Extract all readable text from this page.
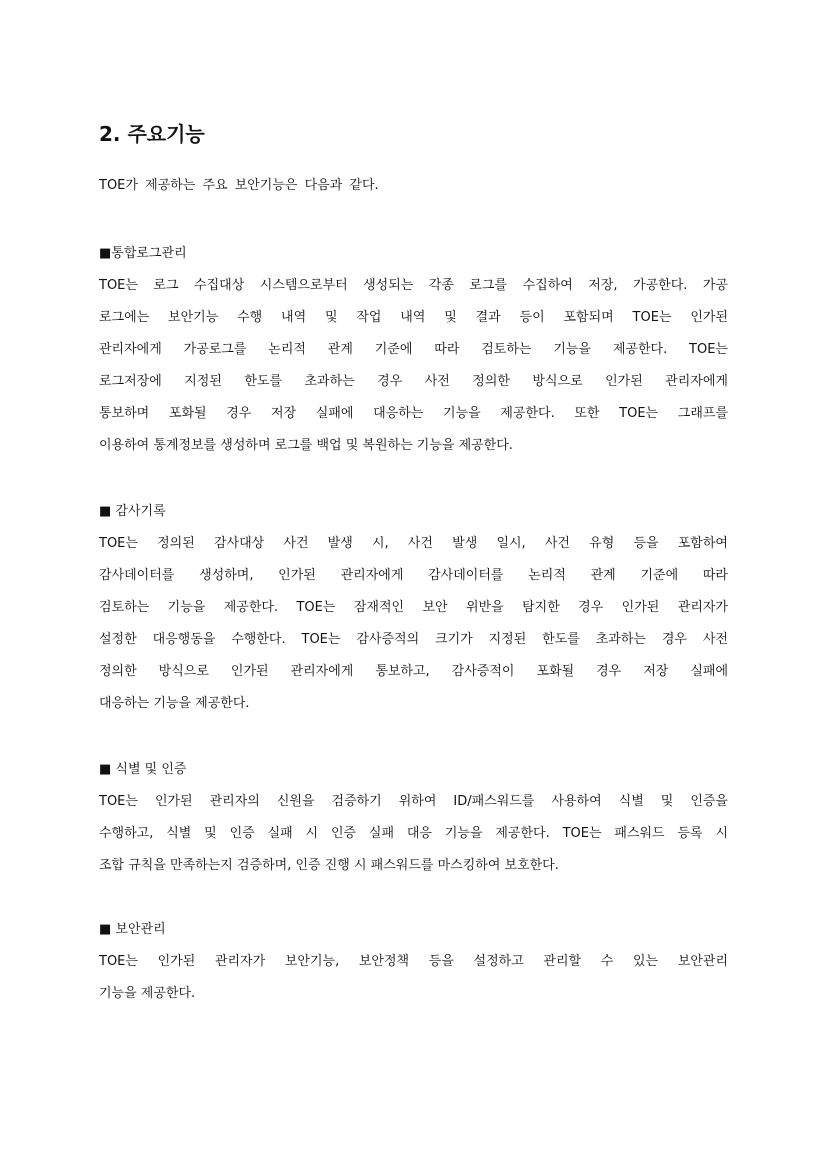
2. 주요기능
TOE가 제공하는 주요 보안기능은 다음과 같다.
■통합로그관리
TOE는 로그 수집대상 시스템으로부터 생성되는 각종 로그를 수집하여 저장, 가공한다. 가공
로그에는 보안기능 수행 내역 및 작업 내역 및 결과 등이 포함되며 TOE는 인가된
관리자에게 가공로그를 논리적 관계 기준에 따라 검토하는 기능을 제공한다. TOE는
로그저장에 지정된 한도를 초과하는 경우 사전 정의한 방식으로 인가된 관리자에게
통보하며 포화될 경우 저장 실패에 대응하는 기능을 제공한다. 또한 TOE는 그래프를
이용하여 통계정보를 생성하며 로그를 백업 및 복원하는 기능을 제공한다.
■ 감사기록
TOE는 정의된 감사대상 사건 발생 시, 사건 발생 일시, 사건 유형 등을 포함하여
감사데이터를 생성하며, 인가된 관리자에게 감사데이터를 논리적 관계 기준에 따라
검토하는 기능을 제공한다. TOE는 잠재적인 보안 위반을 탐지한 경우 인가된 관리자가
설정한 대응행동을 수행한다. TOE는 감사증적의 크기가 지정된 한도를 초과하는 경우 사전
정의한 방식으로 인가된 관리자에게 통보하고, 감사증적이 포화될 경우 저장 실패에
대응하는 기능을 제공한다.
■ 식별 및 인증
TOE는 인가된 관리자의 신원을 검증하기 위하여 ID/패스워드를 사용하여 식별 및 인증을
수행하고, 식별 및 인증 실패 시 인증 실패 대응 기능을 제공한다. TOE는 패스워드 등록 시
조합 규칙을 만족하는지 검증하며, 인증 진행 시 패스워드를 마스킹하여 보호한다.
■ 보안관리
TOE는 인가된 관리자가 보안기능, 보안정책 등을 설정하고 관리할 수 있는 보안관리
기능을 제공한다.
